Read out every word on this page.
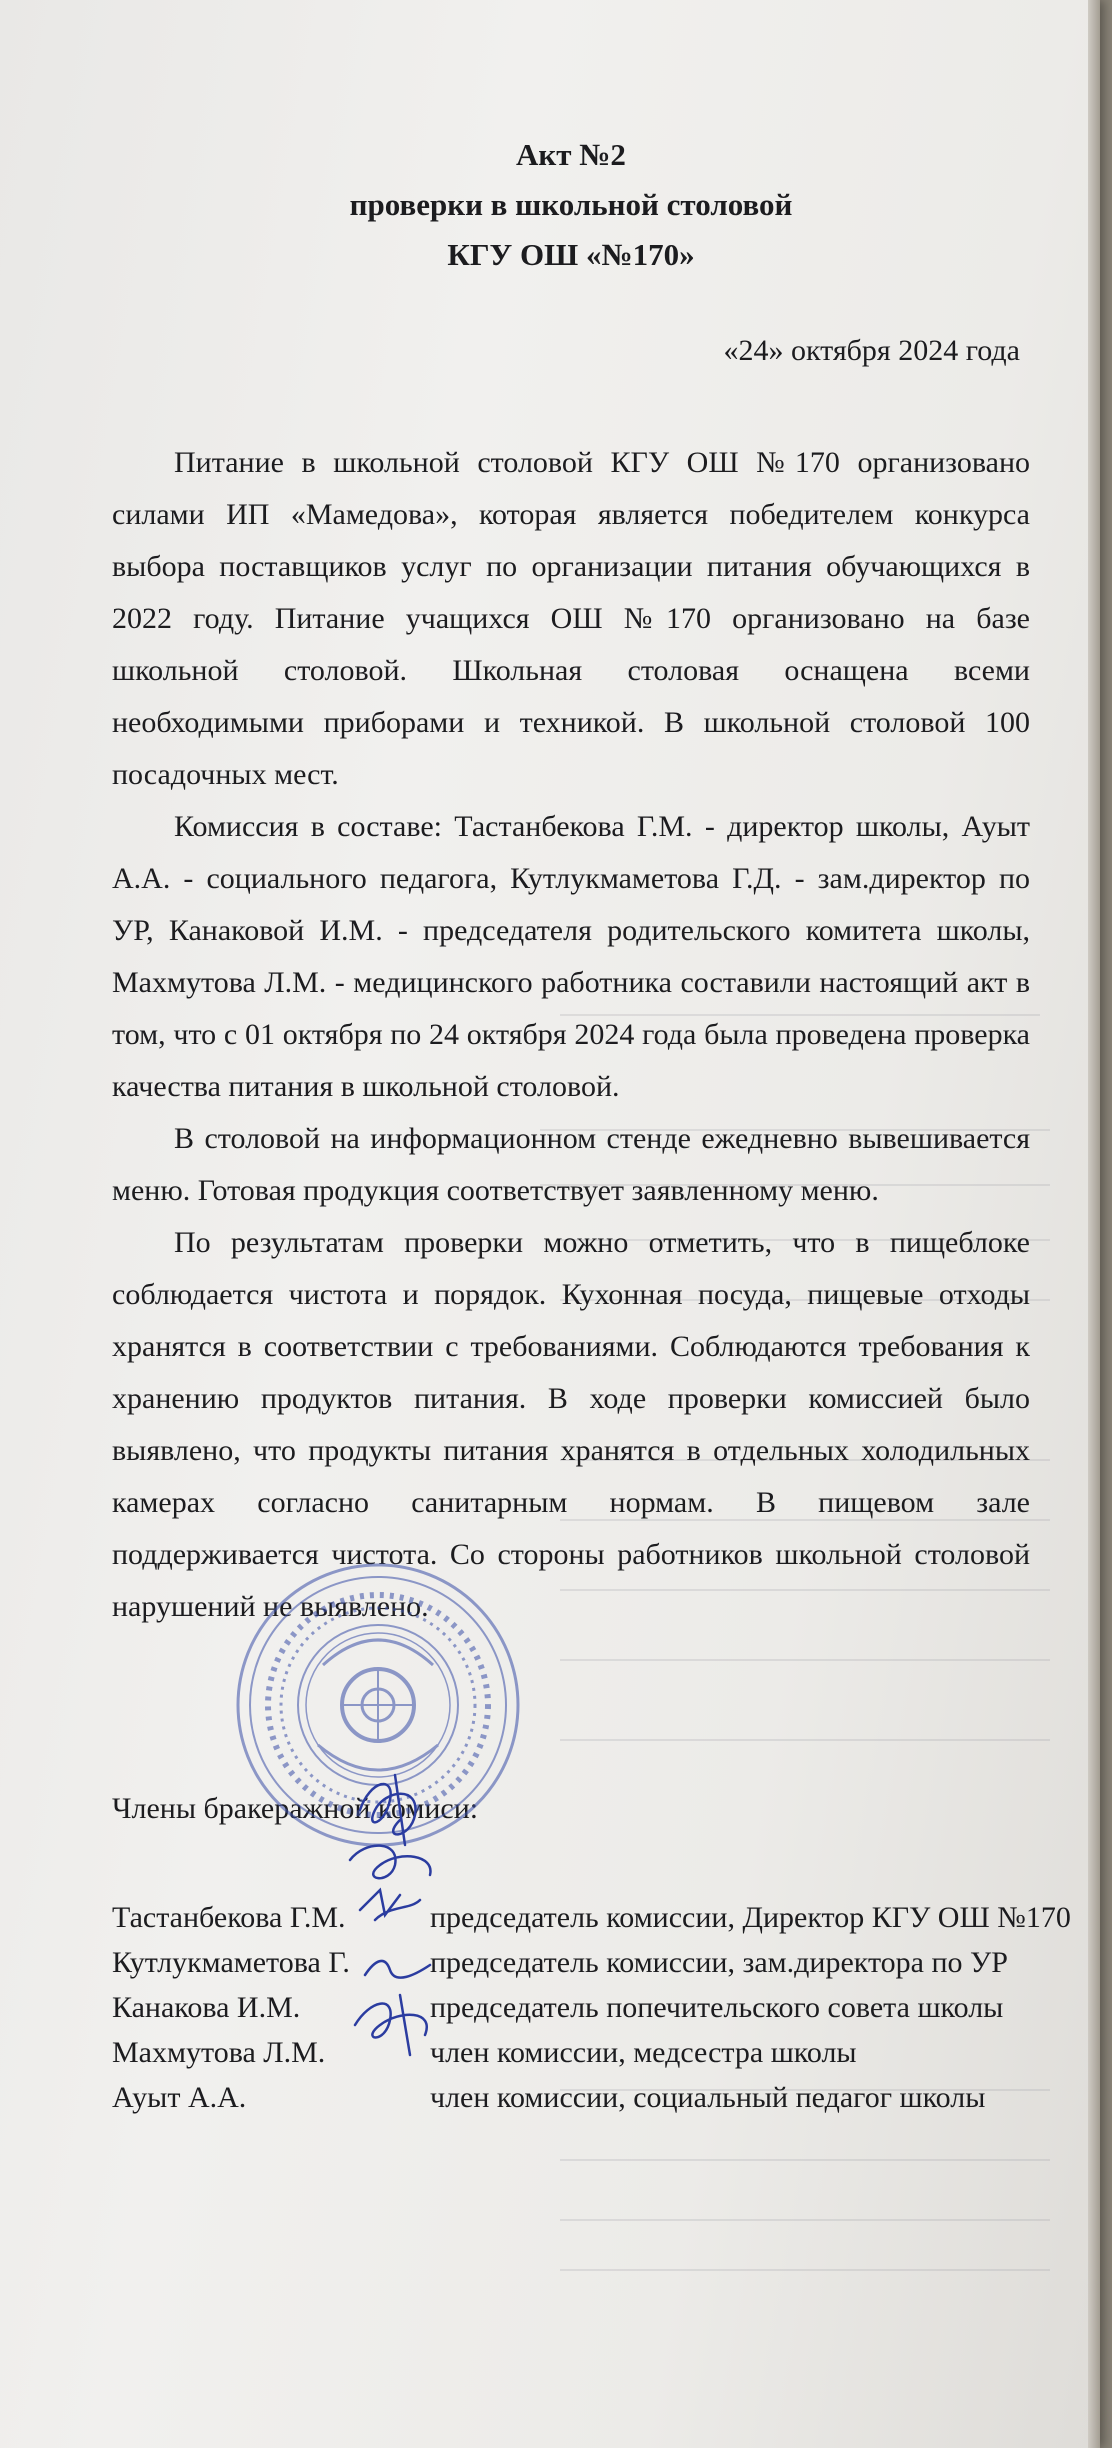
Акт №2
проверки в школьной столовой
КГУ ОШ «№170»
«24» октября 2024 года

Питание в школьной столовой КГУ ОШ №170 организовано силами ИП «Мамедова», которая является победителем конкурса выбора поставщиков услуг по организации питания обучающихся в 2022 году. Питание учащихся ОШ №170 организовано на базе школьной столовой. Школьная столовая оснащена всеми необходимыми приборами и техникой. В школьной столовой 100 посадочных мест.

Комиссия в составе: Тастанбекова Г.М. - директор школы, Ауыт А.А. - социального педагога, Кутлукмаметова Г.Д. - зам.директор по УР, Канаковой И.М. - председателя родительского комитета школы, Махмутова Л.М. - медицинского работника составили настоящий акт в том, что с 01 октября по 24 октября 2024 года была проведена проверка качества питания в школьной столовой.

В столовой на информационном стенде ежедневно вывешивается меню. Готовая продукция соответствует заявленному меню.

По результатам проверки можно отметить, что в пищеблоке соблюдается чистота и порядок. Кухонная посуда, пищевые отходы хранятся в соответствии с требованиями. Соблюдаются требования к хранению продуктов питания. В ходе проверки комиссией было выявлено, что продукты питания хранятся в отдельных холодильных камерах согласно санитарным нормам. В пищевом зале поддерживается чистота. Со стороны работников школьной столовой нарушений не выявлено.

Члены бракеражной комиси:
Тастанбекова Г.М.	председатель комиссии, Директор КГУ ОШ №170
Кутлукмаметова Г.	председатель комиссии, зам.директора по УР
Канакова И.М.	председатель попечительского совета школы
Махмутова Л.М.	член комиссии, медсестра школы
Ауыт А.А.	член комиссии, социальный педагог школы
